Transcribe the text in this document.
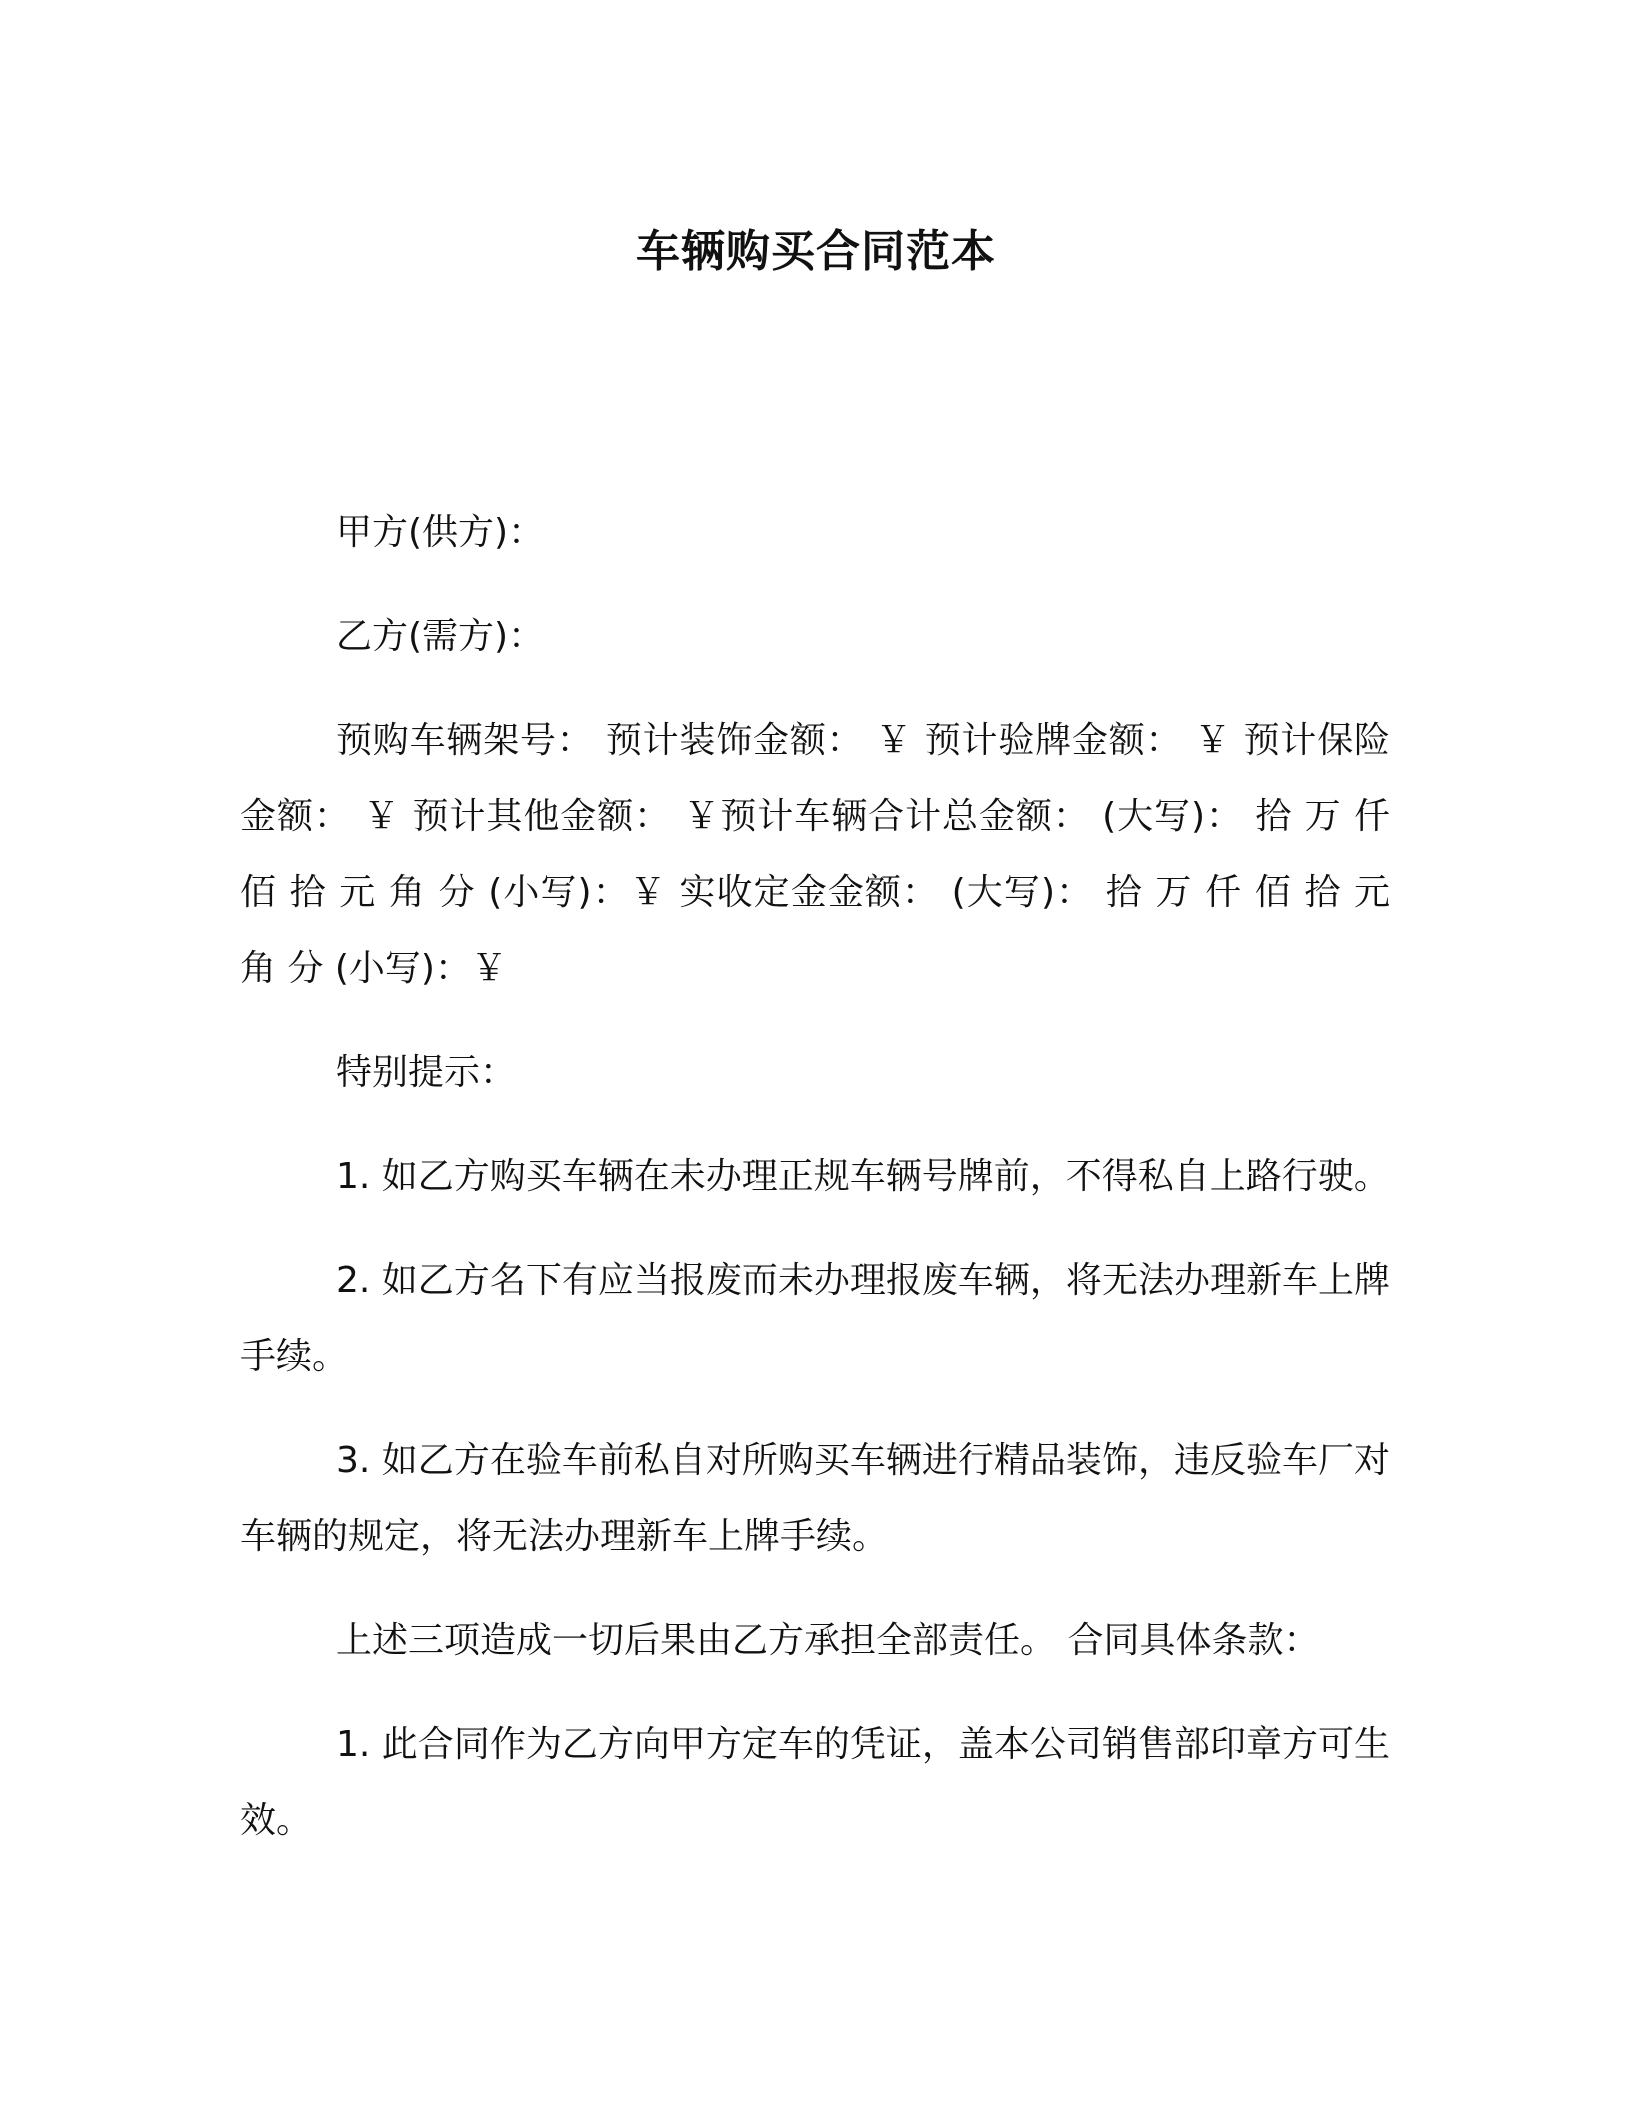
车辆购买合同范本

甲方(供方)：

乙方(需方)：

预购车辆架号： 预计装饰金额： ￥ 预计验牌金额： ￥ 预计保险金额： ￥ 预计其他金额： ￥预计车辆合计总金额： (大写)： 拾 万 仟 佰 拾 元 角 分 (小写)：￥ 实收定金金额： (大写)： 拾 万 仟 佰 拾 元 角 分 (小写)：￥

特别提示：

1. 如乙方购买车辆在未办理正规车辆号牌前，不得私自上路行驶。

2. 如乙方名下有应当报废而未办理报废车辆，将无法办理新车上牌手续。

3. 如乙方在验车前私自对所购买车辆进行精品装饰，违反验车厂对车辆的规定，将无法办理新车上牌手续。

上述三项造成一切后果由乙方承担全部责任。 合同具体条款：

1. 此合同作为乙方向甲方定车的凭证，盖本公司销售部印章方可生效。
